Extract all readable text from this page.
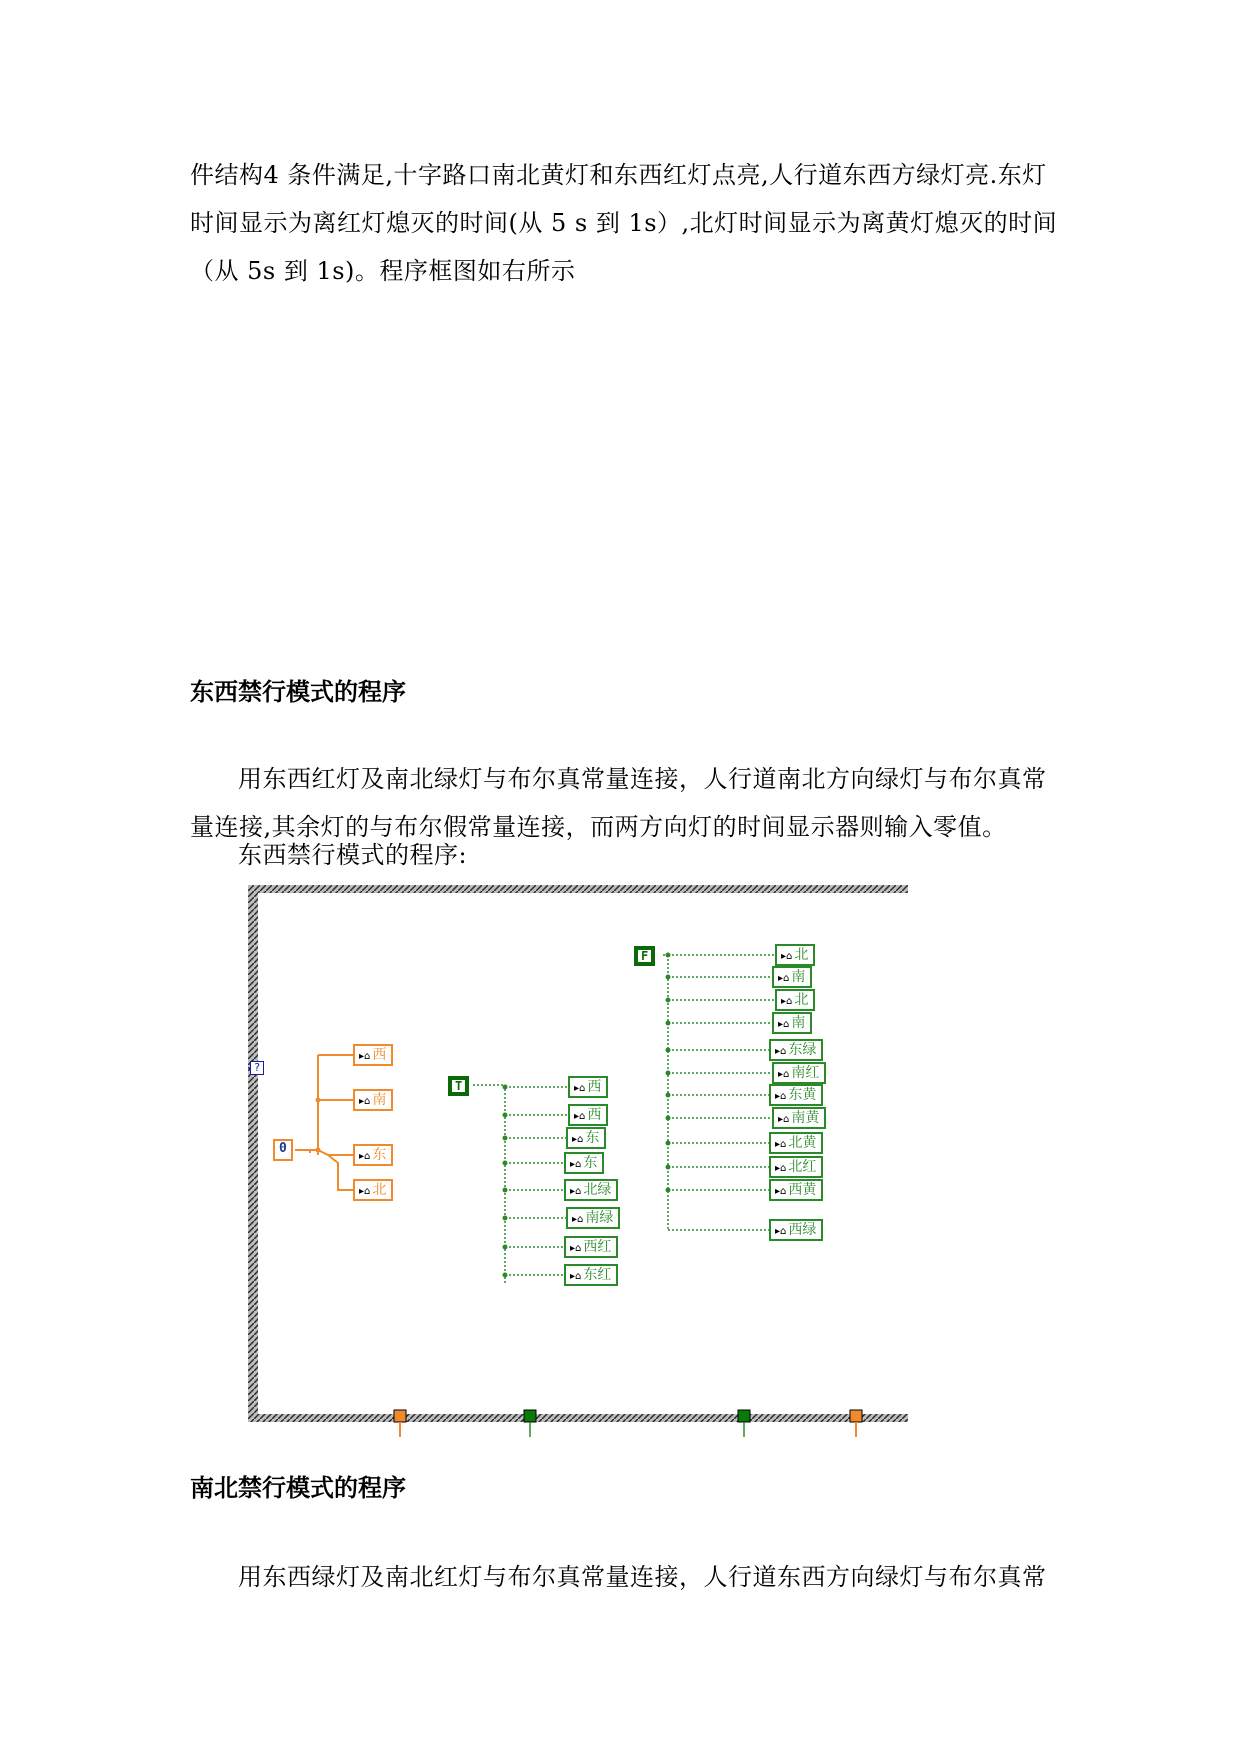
件结构4 条件满足,十字路口南北黄灯和东西红灯点亮,人行道东西方绿灯亮.东灯
时间显示为离红灯熄灭的时间(从 5 s 到 1s）,北灯时间显示为离黄灯熄灭的时间
（从 5s 到 1s)。程序框图如右所示
东西禁行模式的程序
用东西红灯及南北绿灯与布尔真常量连接，人行道南北方向绿灯与布尔真常
量连接,其余灯的与布尔假常量连接，而两方向灯的时间显示器则输入零值。
东西禁行模式的程序:
?
0
T
F
▸⌂ 西
▸⌂ 南
▸⌂ 东
▸⌂ 北
▸⌂ 西
▸⌂ 西
▸⌂ 东
▸⌂ 东
▸⌂ 北绿
▸⌂ 南绿
▸⌂ 西红
▸⌂ 东红
▸⌂ 北
▸⌂ 南
▸⌂ 北
▸⌂ 南
▸⌂ 东绿
▸⌂ 南红
▸⌂ 东黄
▸⌂ 南黄
▸⌂ 北黄
▸⌂ 北红
▸⌂ 西黄
▸⌂ 西绿
南北禁行模式的程序
用东西绿灯及南北红灯与布尔真常量连接，人行道东西方向绿灯与布尔真常
